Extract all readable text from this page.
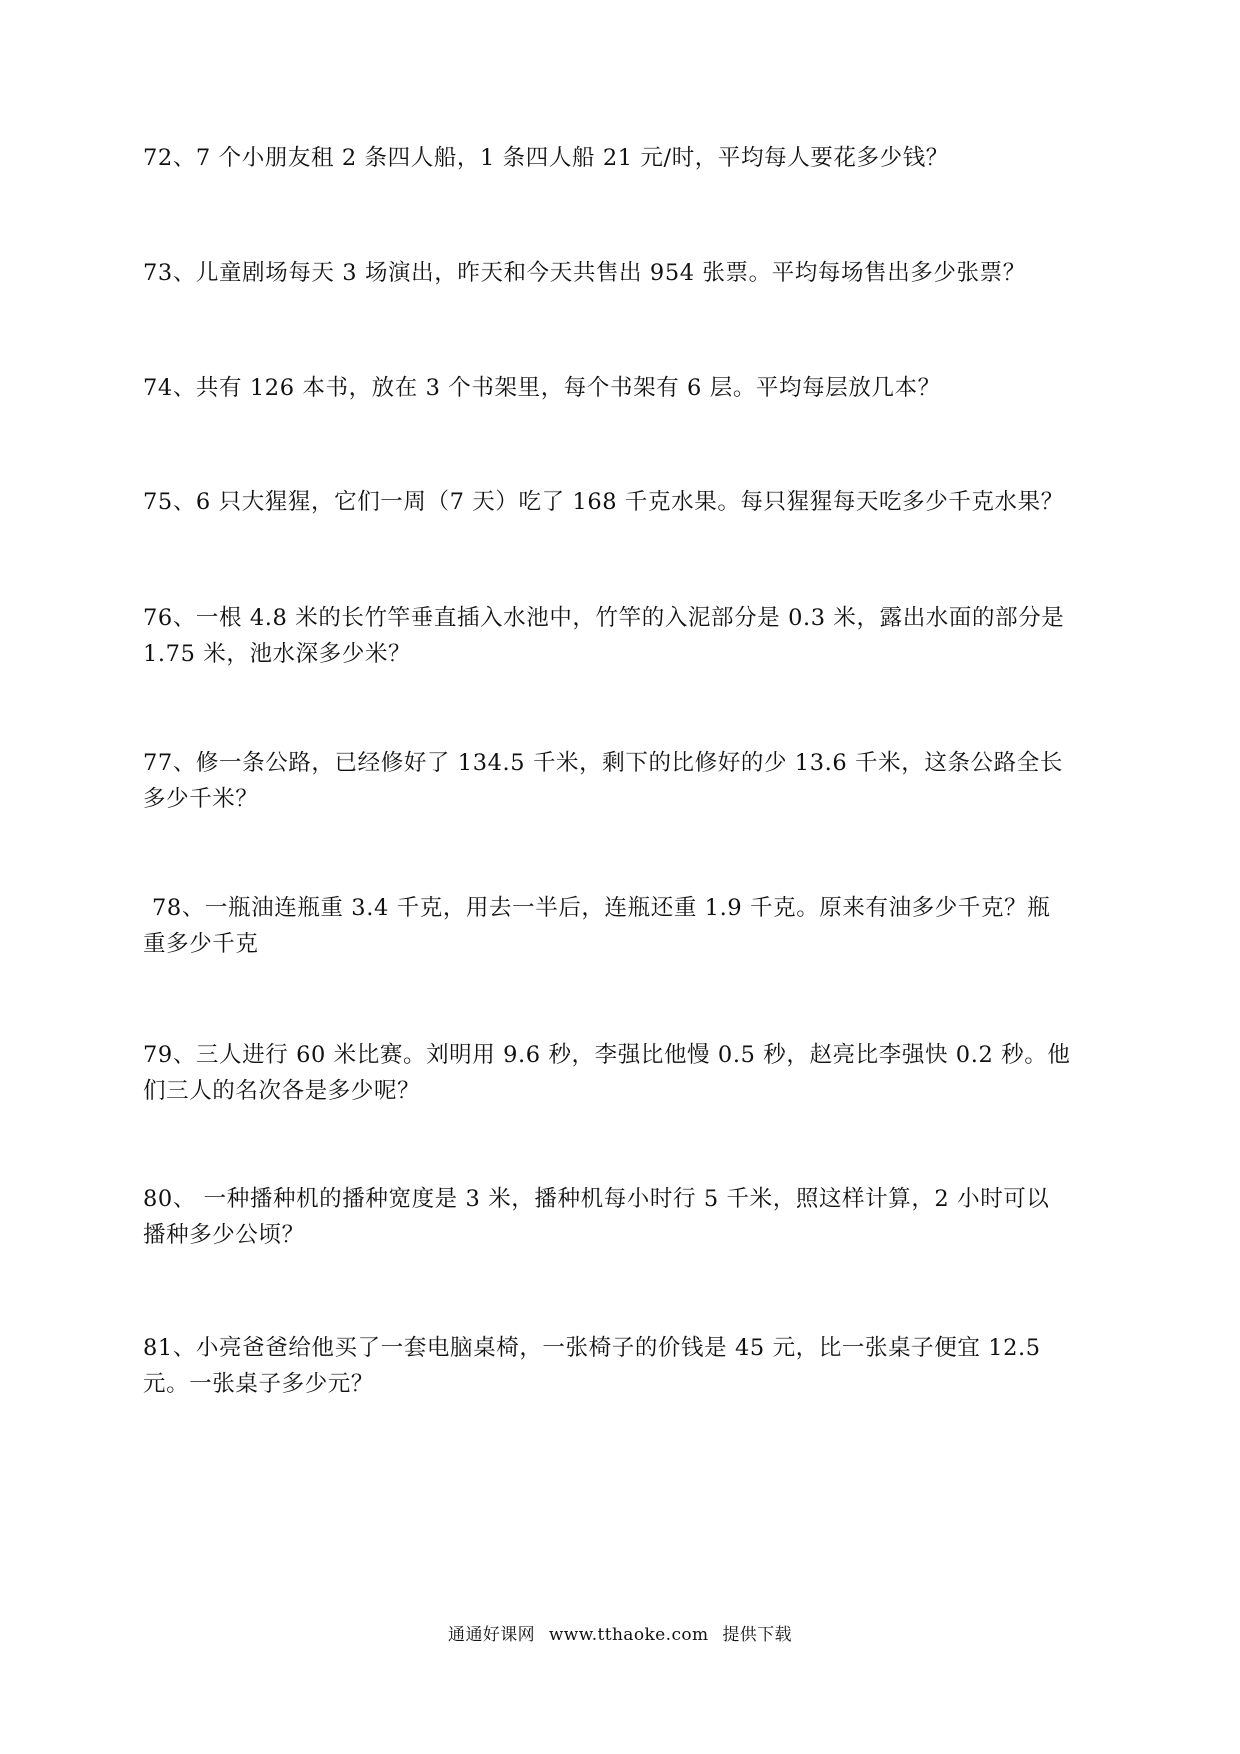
72、7 个小朋友租 2 条四人船，1 条四人船 21 元/时，平均每人要花多少钱？
73、儿童剧场每天 3 场演出，昨天和今天共售出 954 张票。平均每场售出多少张票？
74、共有 126 本书，放在 3 个书架里，每个书架有 6 层。平均每层放几本？
75、6 只大猩猩，它们一周（7 天）吃了 168 千克水果。每只猩猩每天吃多少千克水果？
76、一根 4.8 米的长竹竿垂直插入水池中，竹竿的入泥部分是 0.3 米，露出水面的部分是
1.75 米，池水深多少米？
77、修一条公路，已经修好了 134.5 千米，剩下的比修好的少 13.6 千米，这条公路全长
多少千米？
78、一瓶油连瓶重 3.4 千克，用去一半后，连瓶还重 1.9 千克。原来有油多少千克？瓶
重多少千克
79、三人进行 60 米比赛。刘明用 9.6 秒，李强比他慢 0.5 秒，赵亮比李强快 0.2 秒。他
们三人的名次各是多少呢？
80、 一种播种机的播种宽度是 3 米，播种机每小时行 5 千米，照这样计算，2 小时可以
播种多少公顷？
81、小亮爸爸给他买了一套电脑桌椅，一张椅子的价钱是 45 元，比一张桌子便宜 12.5
元。一张桌子多少元？
通通好课网 www.tthaoke.com 提供下载
